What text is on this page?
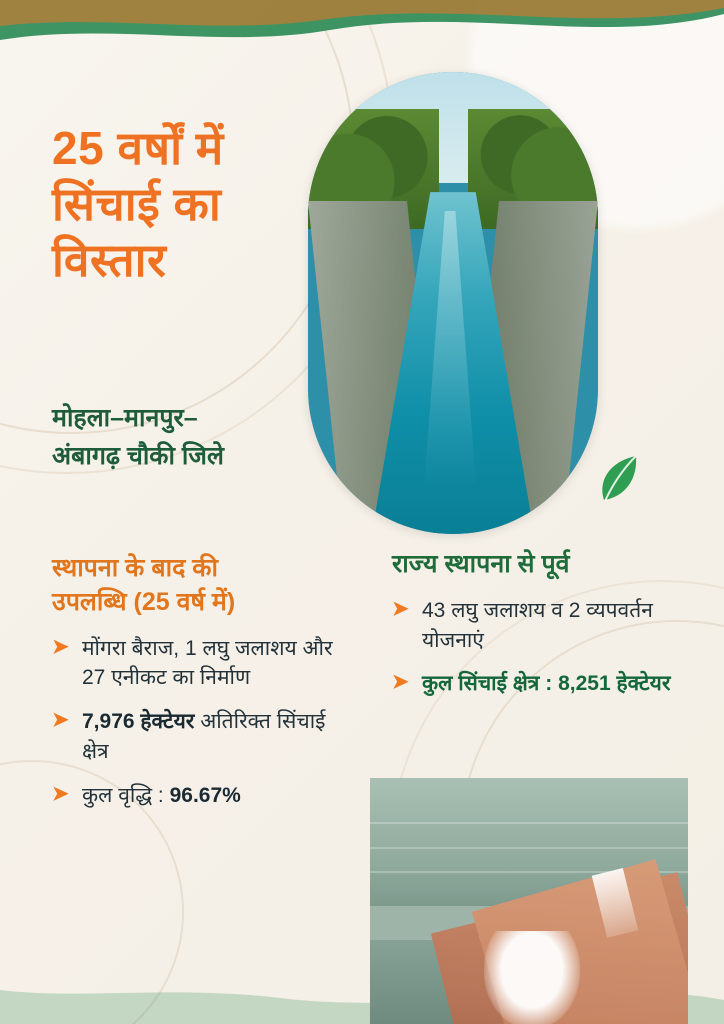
25 वर्षों में
सिंचाई का
विस्तार
मोहला–मानपुर–
अंबागढ़ चौकी जिले
स्थापना के बाद की
उपलब्धि (25 वर्ष में)
➤ मोंगरा बैराज, 1 लघु जलाशय और 27 एनीकट का निर्माण
➤ 7,976 हेक्टेयर अतिरिक्त सिंचाई क्षेत्र
➤ कुल वृद्धि : 96.67%
राज्य स्थापना से पूर्व
➤ 43 लघु जलाशय व 2 व्यपवर्तन योजनाएं
➤ कुल सिंचाई क्षेत्र : 8,251 हेक्टेयर
